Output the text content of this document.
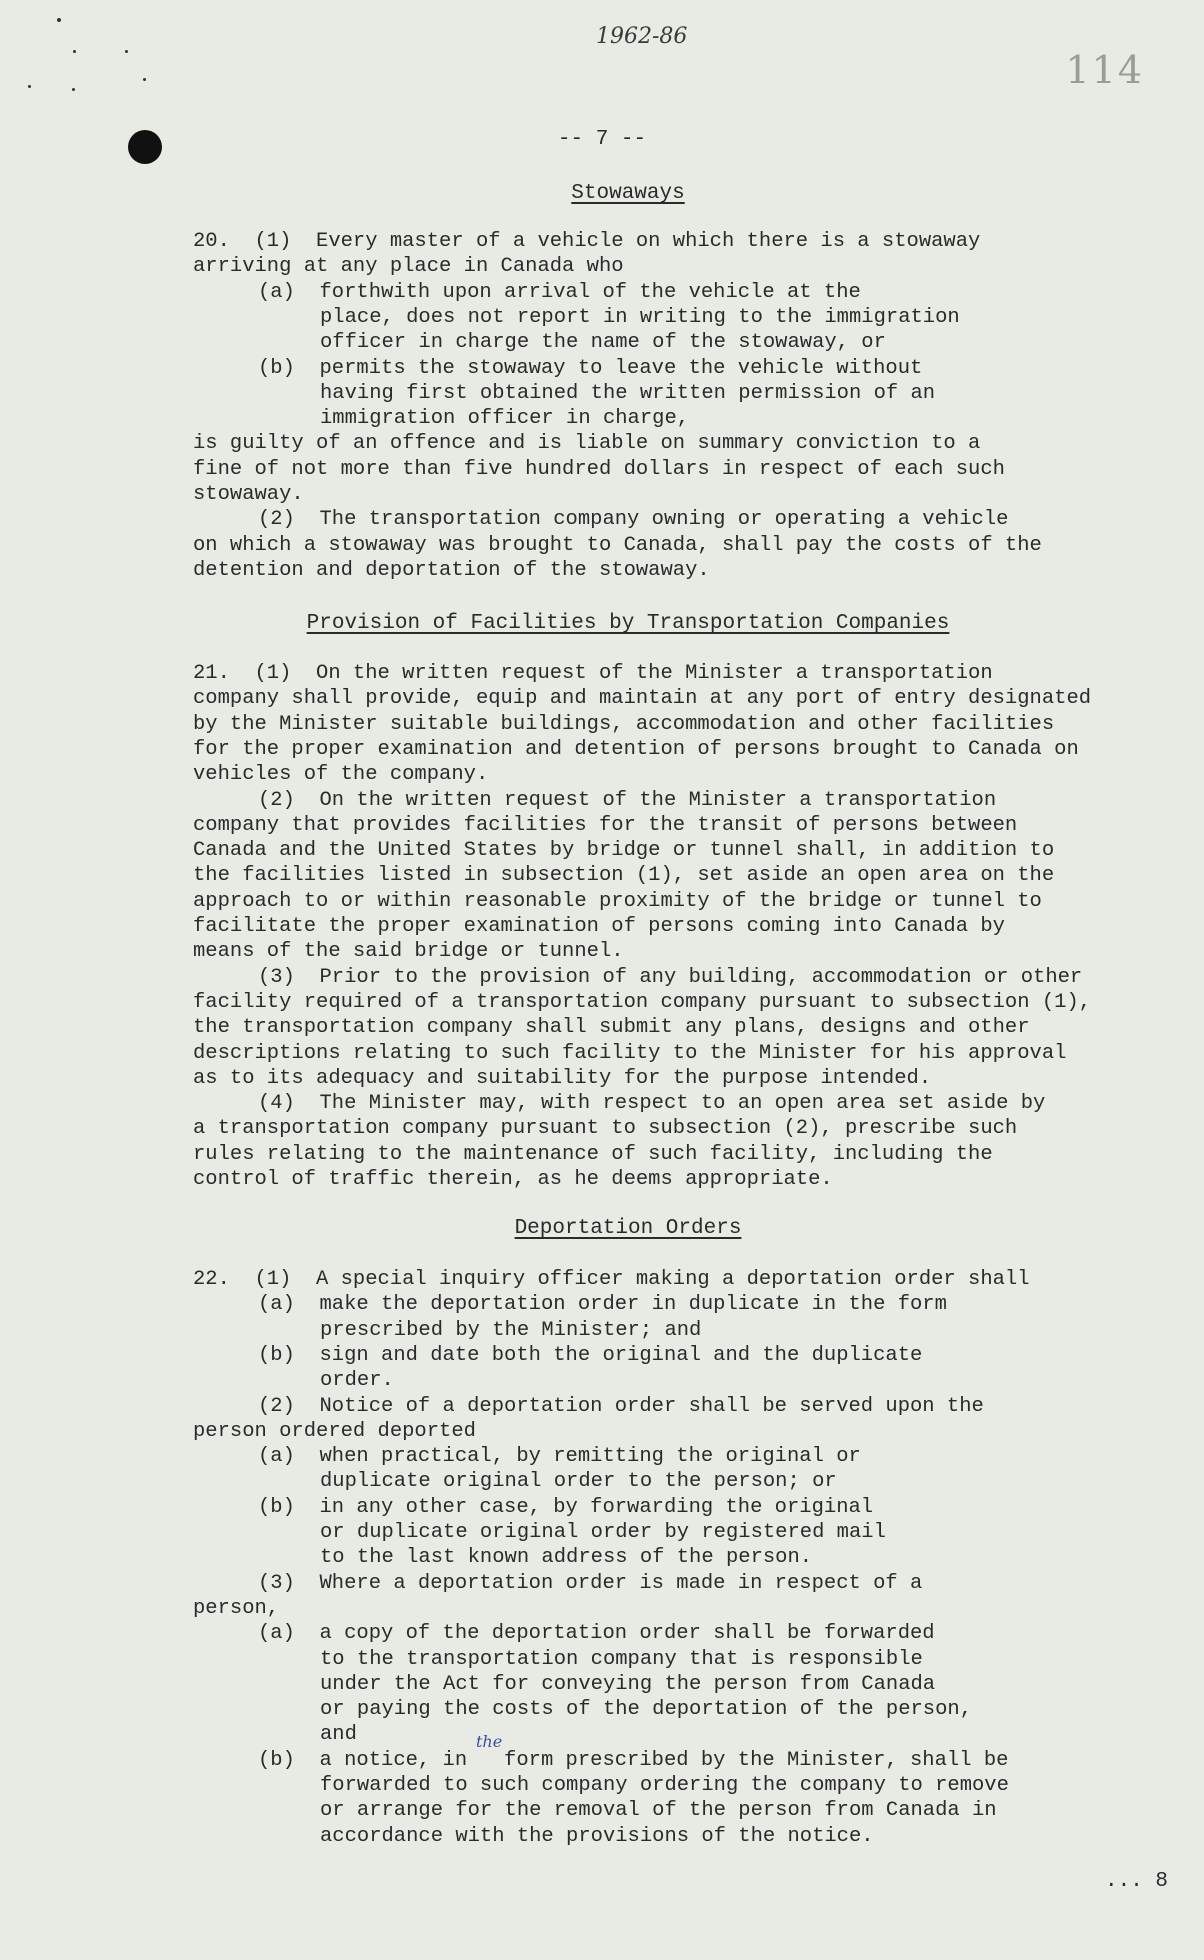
1962-86
114
-- 7 --
Stowaways
20.  (1)  Every master of a vehicle on which there is a stowaway
arriving at any place in Canada who
(a)  forthwith upon arrival of the vehicle at the
place, does not report in writing to the immigration
officer in charge the name of the stowaway, or
(b)  permits the stowaway to leave the vehicle without
having first obtained the written permission of an
immigration officer in charge,
is guilty of an offence and is liable on summary conviction to a
fine of not more than five hundred dollars in respect of each such
stowaway.
(2)  The transportation company owning or operating a vehicle
on which a stowaway was brought to Canada, shall pay the costs of the
detention and deportation of the stowaway.
Provision of Facilities by Transportation Companies
21.  (1)  On the written request of the Minister a transportation
company shall provide, equip and maintain at any port of entry designated
by the Minister suitable buildings, accommodation and other facilities
for the proper examination and detention of persons brought to Canada on
vehicles of the company.
(2)  On the written request of the Minister a transportation
company that provides facilities for the transit of persons between
Canada and the United States by bridge or tunnel shall, in addition to
the facilities listed in subsection (1), set aside an open area on the
approach to or within reasonable proximity of the bridge or tunnel to
facilitate the proper examination of persons coming into Canada by
means of the said bridge or tunnel.
(3)  Prior to the provision of any building, accommodation or other
facility required of a transportation company pursuant to subsection (1),
the transportation company shall submit any plans, designs and other
descriptions relating to such facility to the Minister for his approval
as to its adequacy and suitability for the purpose intended.
(4)  The Minister may, with respect to an open area set aside by
a transportation company pursuant to subsection (2), prescribe such
rules relating to the maintenance of such facility, including the
control of traffic therein, as he deems appropriate.
Deportation Orders
22.  (1)  A special inquiry officer making a deportation order shall
(a)  make the deportation order in duplicate in the form
prescribed by the Minister; and
(b)  sign and date both the original and the duplicate
order.
(2)  Notice of a deportation order shall be served upon the
person ordered deported
(a)  when practical, by remitting the original or
duplicate original order to the person; or
(b)  in any other case, by forwarding the original
or duplicate original order by registered mail
to the last known address of the person.
(3)  Where a deportation order is made in respect of a
person,
(a)  a copy of the deportation order shall be forwarded
to the transportation company that is responsible
under the Act for conveying the person from Canada
or paying the costs of the deportation of the person,
and
(b)  a notice, in   form prescribed by the Minister, shall be
forwarded to such company ordering the company to remove
or arrange for the removal of the person from Canada in
accordance with the provisions of the notice.
the
... 8
